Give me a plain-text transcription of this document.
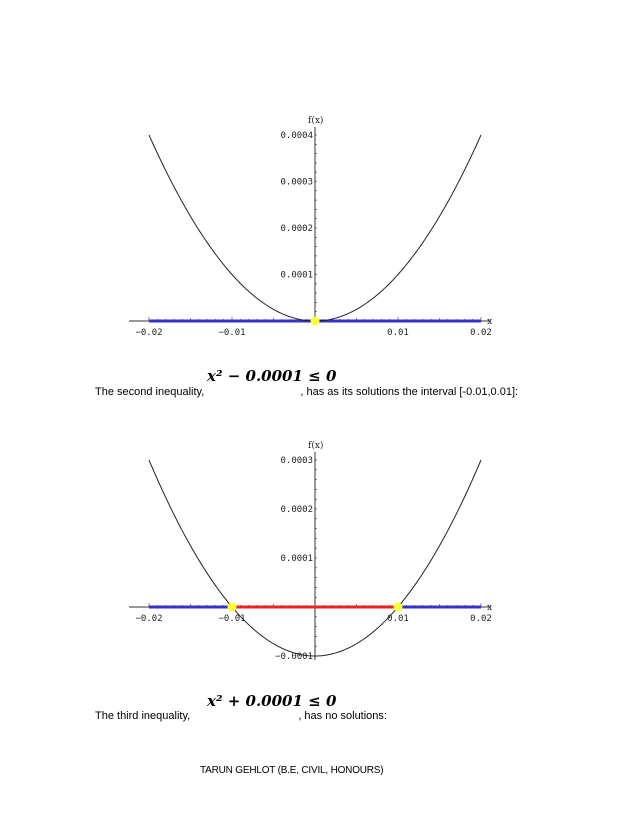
−0.02	−0.01	0.01	0.02
0.0001
0.0002
0.0003
0.0004
x
f(x)
x² − 0.0001 ≤ 0
The second inequality,	, has as its solutions the interval [-0.01,0.01]:
−0.02	−0.01	0.01	0.02
−0.0001
0.0001
0.0002
0.0003
x
f(x)
x² + 0.0001 ≤ 0
The third inequality,	, has no solutions:
TARUN GEHLOT (B.E, CIVIL, HONOURS)
